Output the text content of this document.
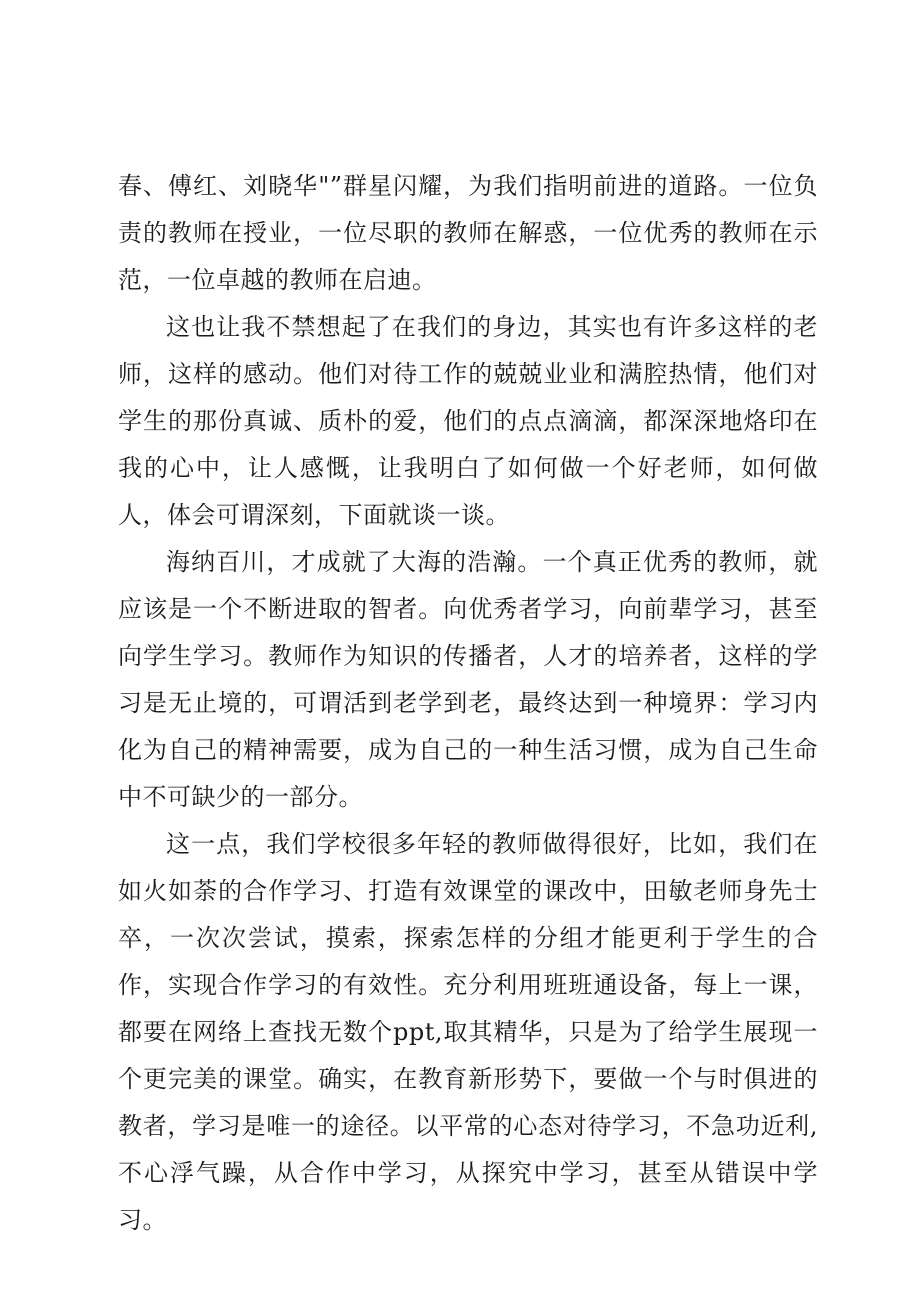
春、傅红、刘晓华"”群星闪耀，为我们指明前进的道路。一位负责的教师在授业，一位尽职的教师在解惑，一位优秀的教师在示范，一位卓越的教师在启迪。

这也让我不禁想起了在我们的身边，其实也有许多这样的老师，这样的感动。他们对待工作的兢兢业业和满腔热情，他们对学生的那份真诚、质朴的爱，他们的点点滴滴，都深深地烙印在我的心中，让人感慨，让我明白了如何做一个好老师，如何做人，体会可谓深刻，下面就谈一谈。

海纳百川，才成就了大海的浩瀚。一个真正优秀的教师，就应该是一个不断进取的智者。向优秀者学习，向前辈学习，甚至向学生学习。教师作为知识的传播者，人才的培养者，这样的学习是无止境的，可谓活到老学到老，最终达到一种境界：学习内化为自己的精神需要，成为自己的一种生活习惯，成为自己生命中不可缺少的一部分。

这一点，我们学校很多年轻的教师做得很好，比如，我们在如火如荼的合作学习、打造有效课堂的课改中，田敏老师身先士卒，一次次尝试，摸索，探索怎样的分组才能更利于学生的合作，实现合作学习的有效性。充分利用班班通设备，每上一课，都要在网络上查找无数个ppt,取其精华，只是为了给学生展现一个更完美的课堂。确实，在教育新形势下，要做一个与时俱进的教者，学习是唯一的途径。以平常的心态对待学习，不急功近利,不心浮气躁，从合作中学习，从探究中学习，甚至从错误中学习。
